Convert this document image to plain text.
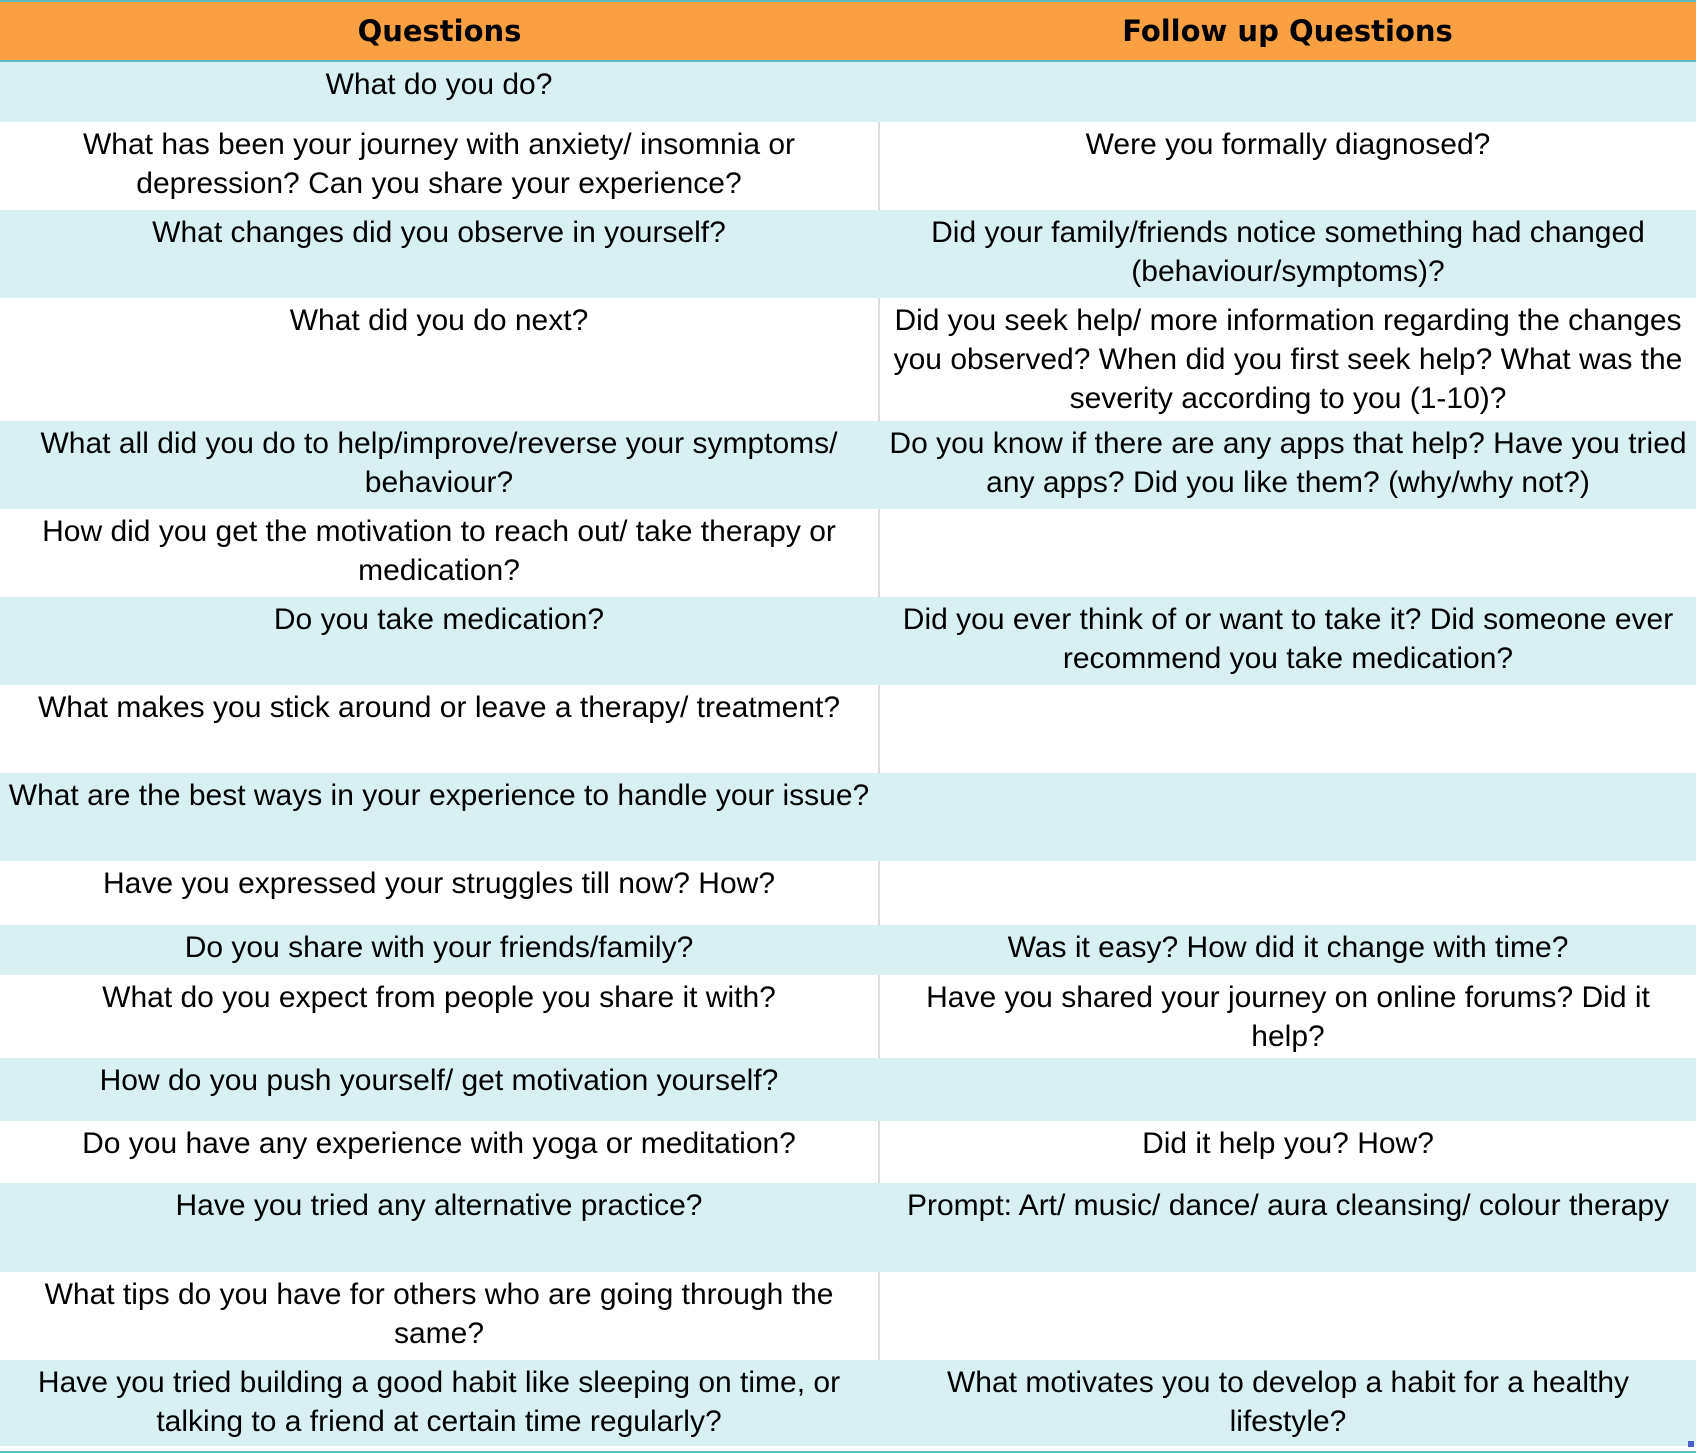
Questions	Follow up Questions
What do you do?	
What has been your journey with anxiety/ insomnia or depression? Can you share your experience?	Were you formally diagnosed?
What changes did you observe in yourself?	Did your family/friends notice something had changed (behaviour/symptoms)?
What did you do next?	Did you seek help/ more information regarding the changes you observed? When did you first seek help? What was the severity according to you (1-10)?
What all did you do to help/improve/reverse your symptoms/ behaviour?	Do you know if there are any apps that help? Have you tried any apps? Did you like them? (why/why not?)
How did you get the motivation to reach out/ take therapy or medication?	
Do you take medication?	Did you ever think of or want to take it? Did someone ever recommend you take medication?
What makes you stick around or leave a therapy/ treatment?	
What are the best ways in your experience to handle your issue?	
Have you expressed your struggles till now? How?	
Do you share with your friends/family?	Was it easy? How did it change with time?
What do you expect from people you share it with?	Have you shared your journey on online forums? Did it help?
How do you push yourself/ get motivation yourself?	
Do you have any experience with yoga or meditation?	Did it help you? How?
Have you tried any alternative practice?	Prompt: Art/ music/ dance/ aura cleansing/ colour therapy
What tips do you have for others who are going through the same?	
Have you tried building a good habit like sleeping on time, or talking to a friend at certain time regularly?	What motivates you to develop a habit for a healthy lifestyle?
